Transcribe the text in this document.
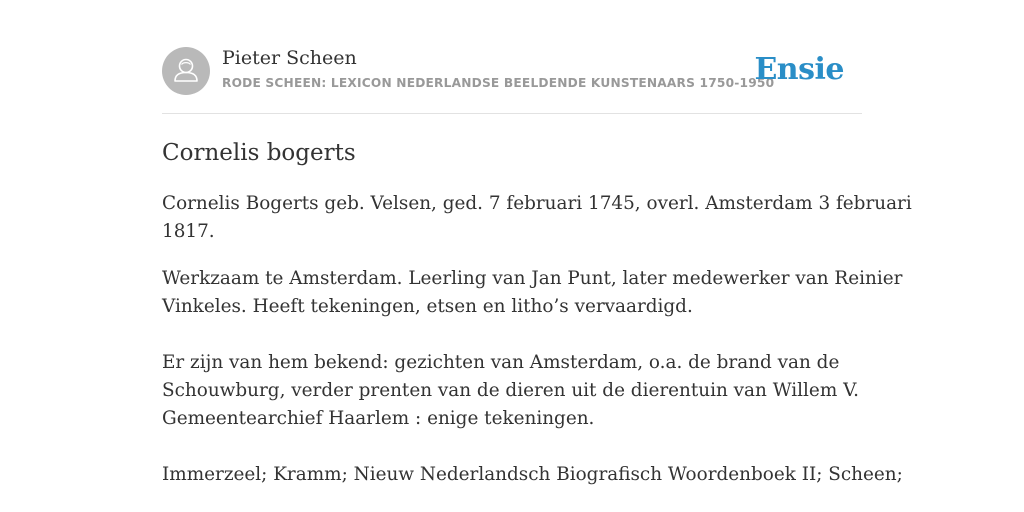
Pieter Scheen
RODE SCHEEN: LEXICON NEDERLANDSE BEELDENDE KUNSTENAARS 1750-1950
Ensie
Cornelis bogerts

Cornelis Bogerts geb. Velsen, ged. 7 februari 1745, overl. Amsterdam 3 februari
1817.

Werkzaam te Amsterdam. Leerling van Jan Punt, later medewerker van Reinier
Vinkeles. Heeft tekeningen, etsen en litho’s vervaardigd.

Er zijn van hem bekend: gezichten van Amsterdam, o.a. de brand van de
Schouwburg, verder prenten van de dieren uit de dierentuin van Willem V.
Gemeentearchief Haarlem : enige tekeningen.

Immerzeel; Kramm; Nieuw Nederlandsch Biografisch Woordenboek II; Scheen;
